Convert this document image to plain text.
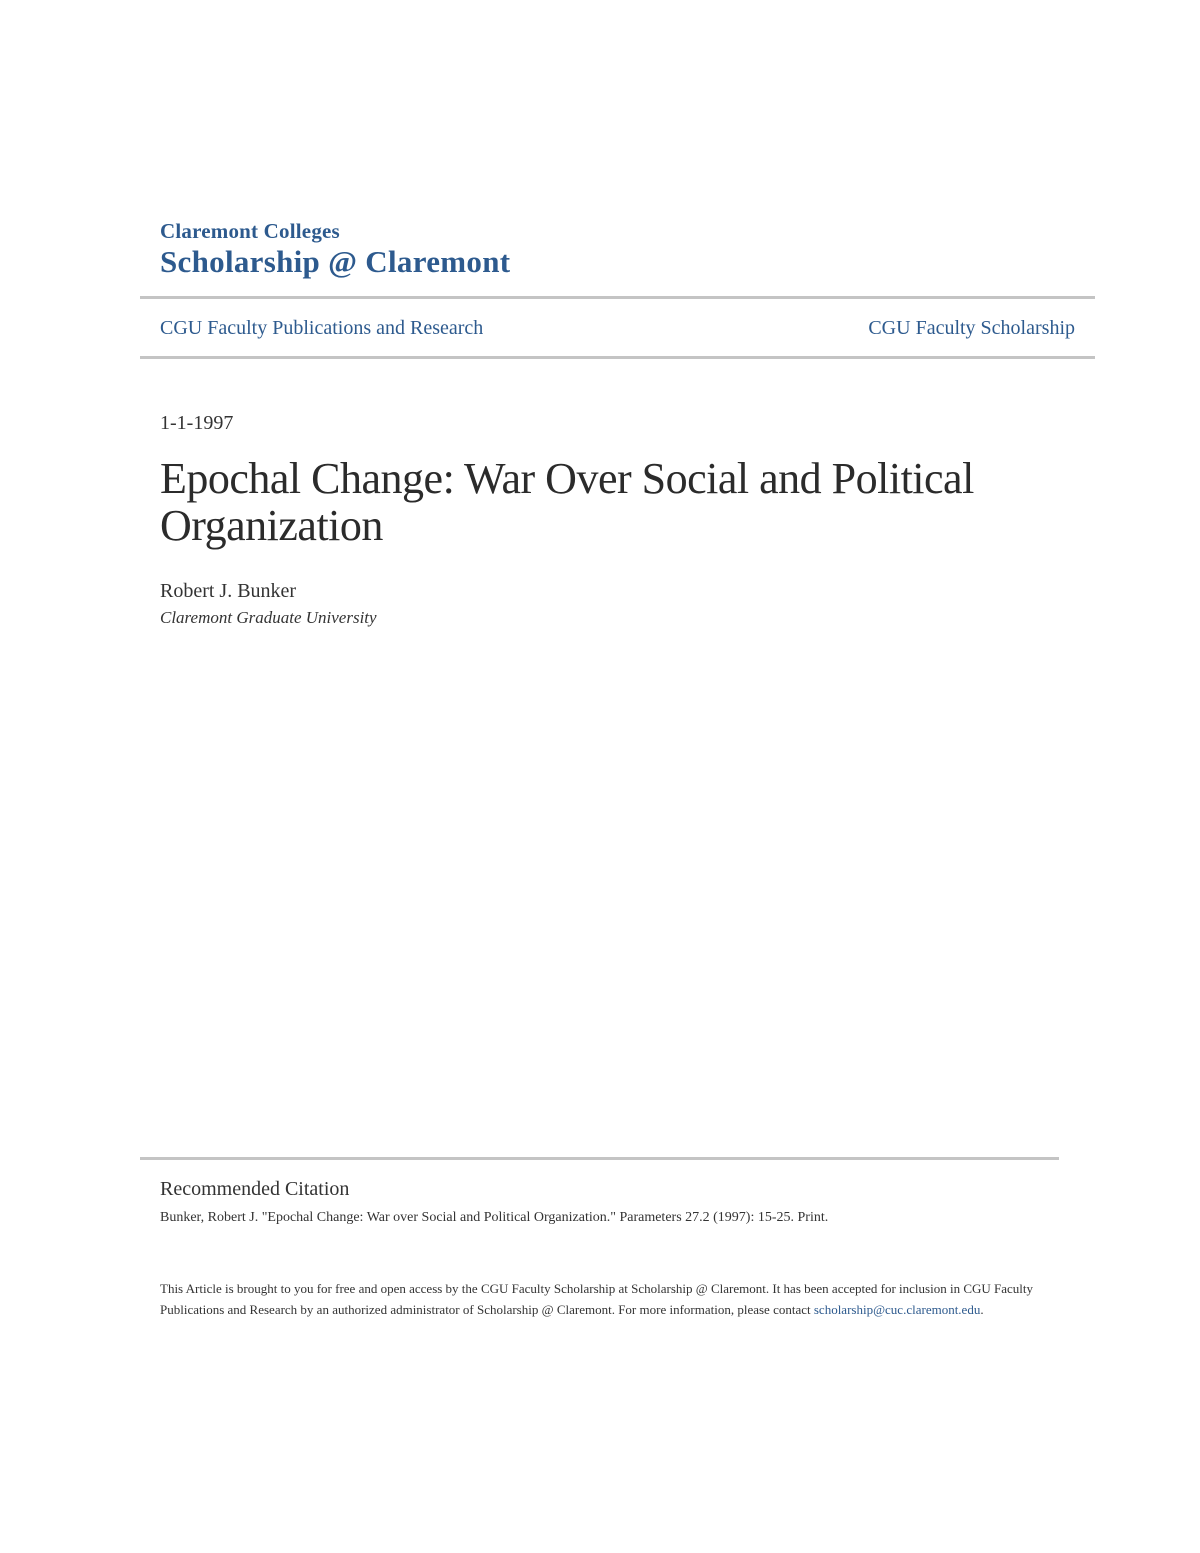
Claremont Colleges
Scholarship @ Claremont
CGU Faculty Publications and Research	CGU Faculty Scholarship
1-1-1997
Epochal Change: War Over Social and Political Organization
Robert J. Bunker
Claremont Graduate University
Recommended Citation
Bunker, Robert J. "Epochal Change: War over Social and Political Organization." Parameters 27.2 (1997): 15-25. Print.
This Article is brought to you for free and open access by the CGU Faculty Scholarship at Scholarship @ Claremont. It has been accepted for inclusion in CGU Faculty Publications and Research by an authorized administrator of Scholarship @ Claremont. For more information, please contact scholarship@cuc.claremont.edu.
